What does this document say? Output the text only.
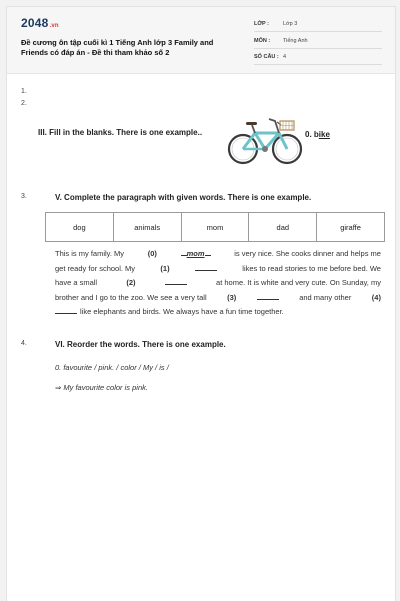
2048.vn
Đề cương ôn tập cuối kì 1 Tiếng Anh lớp 3 Family and
Friends có đáp án - Đề thi tham khảo số 2
LỚP :	Lớp 3
MÔN : Tiếng Anh
SỐ CÂU : 4
1.
2.
III. Fill in the blanks. There is one example..	0. bike
3.	V. Complete the paragraph with given words. There is one example.
dog	animals	mom	dad	giraffe
This is my family. My	(0)	mom	is very nice. She cooks dinner and helps me
get ready for school. My	(1)	likes to read stories to me before bed. We
have a small	(2)	at home. It is white and very cute. On Sunday, my
brother and I go to the zoo. We see a very tall	(3)	and many other	(4)
like elephants and birds. We always have a fun time together.
4.	VI. Reorder the words. There is one example.
0. favourite / pink. / color / My / is /
⇒ My favourite color is pink.
